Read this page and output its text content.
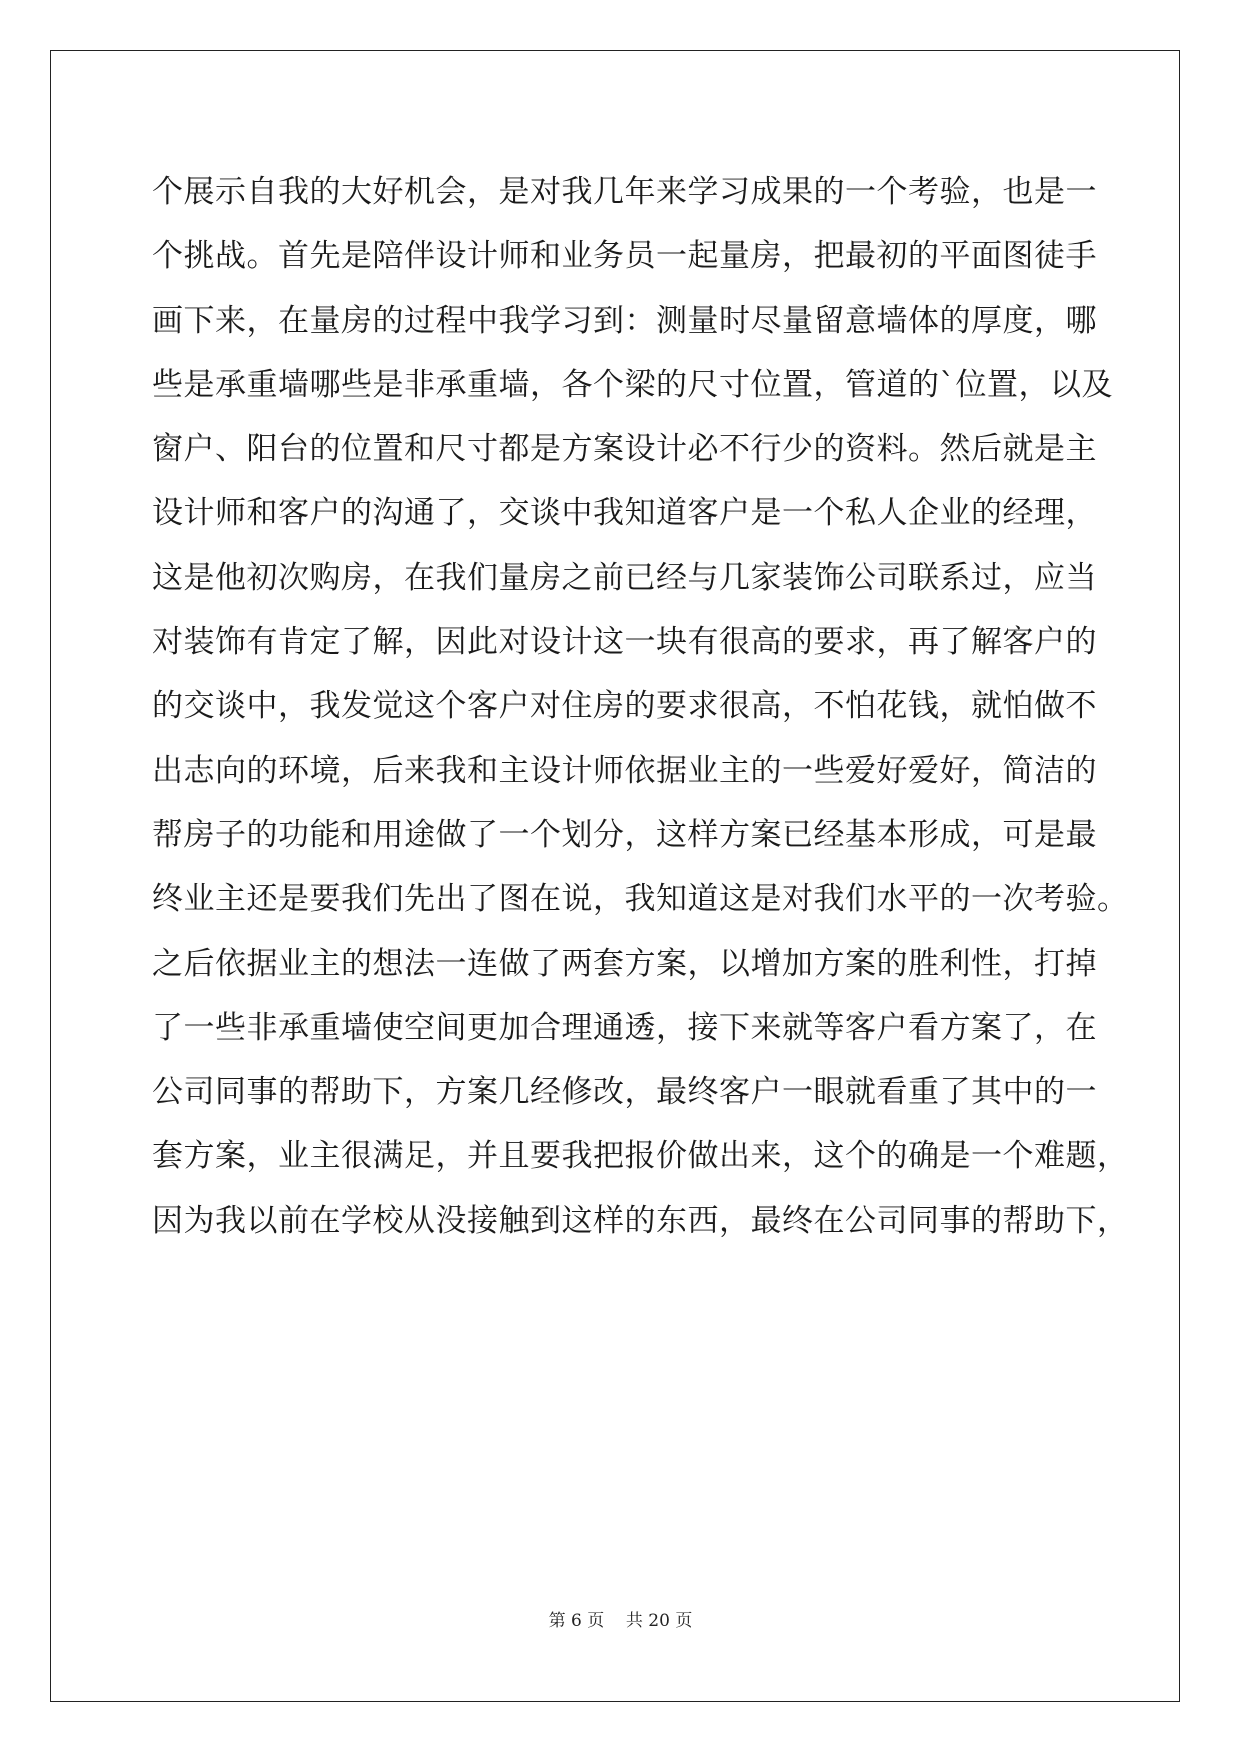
个展示自我的大好机会，是对我几年来学习成果的一个考验，也是一
个挑战。首先是陪伴设计师和业务员一起量房，把最初的平面图徒手
画下来，在量房的过程中我学习到：测量时尽量留意墙体的厚度，哪
些是承重墙哪些是非承重墙，各个梁的尺寸位置，管道的`位置，以及
窗户、阳台的位置和尺寸都是方案设计必不行少的资料。然后就是主
设计师和客户的沟通了，交谈中我知道客户是一个私人企业的经理，
这是他初次购房，在我们量房之前已经与几家装饰公司联系过，应当
对装饰有肯定了解，因此对设计这一块有很高的要求，再了解客户的
的交谈中，我发觉这个客户对住房的要求很高，不怕花钱，就怕做不
出志向的环境，后来我和主设计师依据业主的一些爱好爱好，简洁的
帮房子的功能和用途做了一个划分，这样方案已经基本形成，可是最
终业主还是要我们先出了图在说，我知道这是对我们水平的一次考验。
之后依据业主的想法一连做了两套方案，以增加方案的胜利性，打掉
了一些非承重墙使空间更加合理通透，接下来就等客户看方案了，在
公司同事的帮助下，方案几经修改，最终客户一眼就看重了其中的一
套方案，业主很满足，并且要我把报价做出来，这个的确是一个难题，
因为我以前在学校从没接触到这样的东西，最终在公司同事的帮助下，
第 6 页    共 20 页
